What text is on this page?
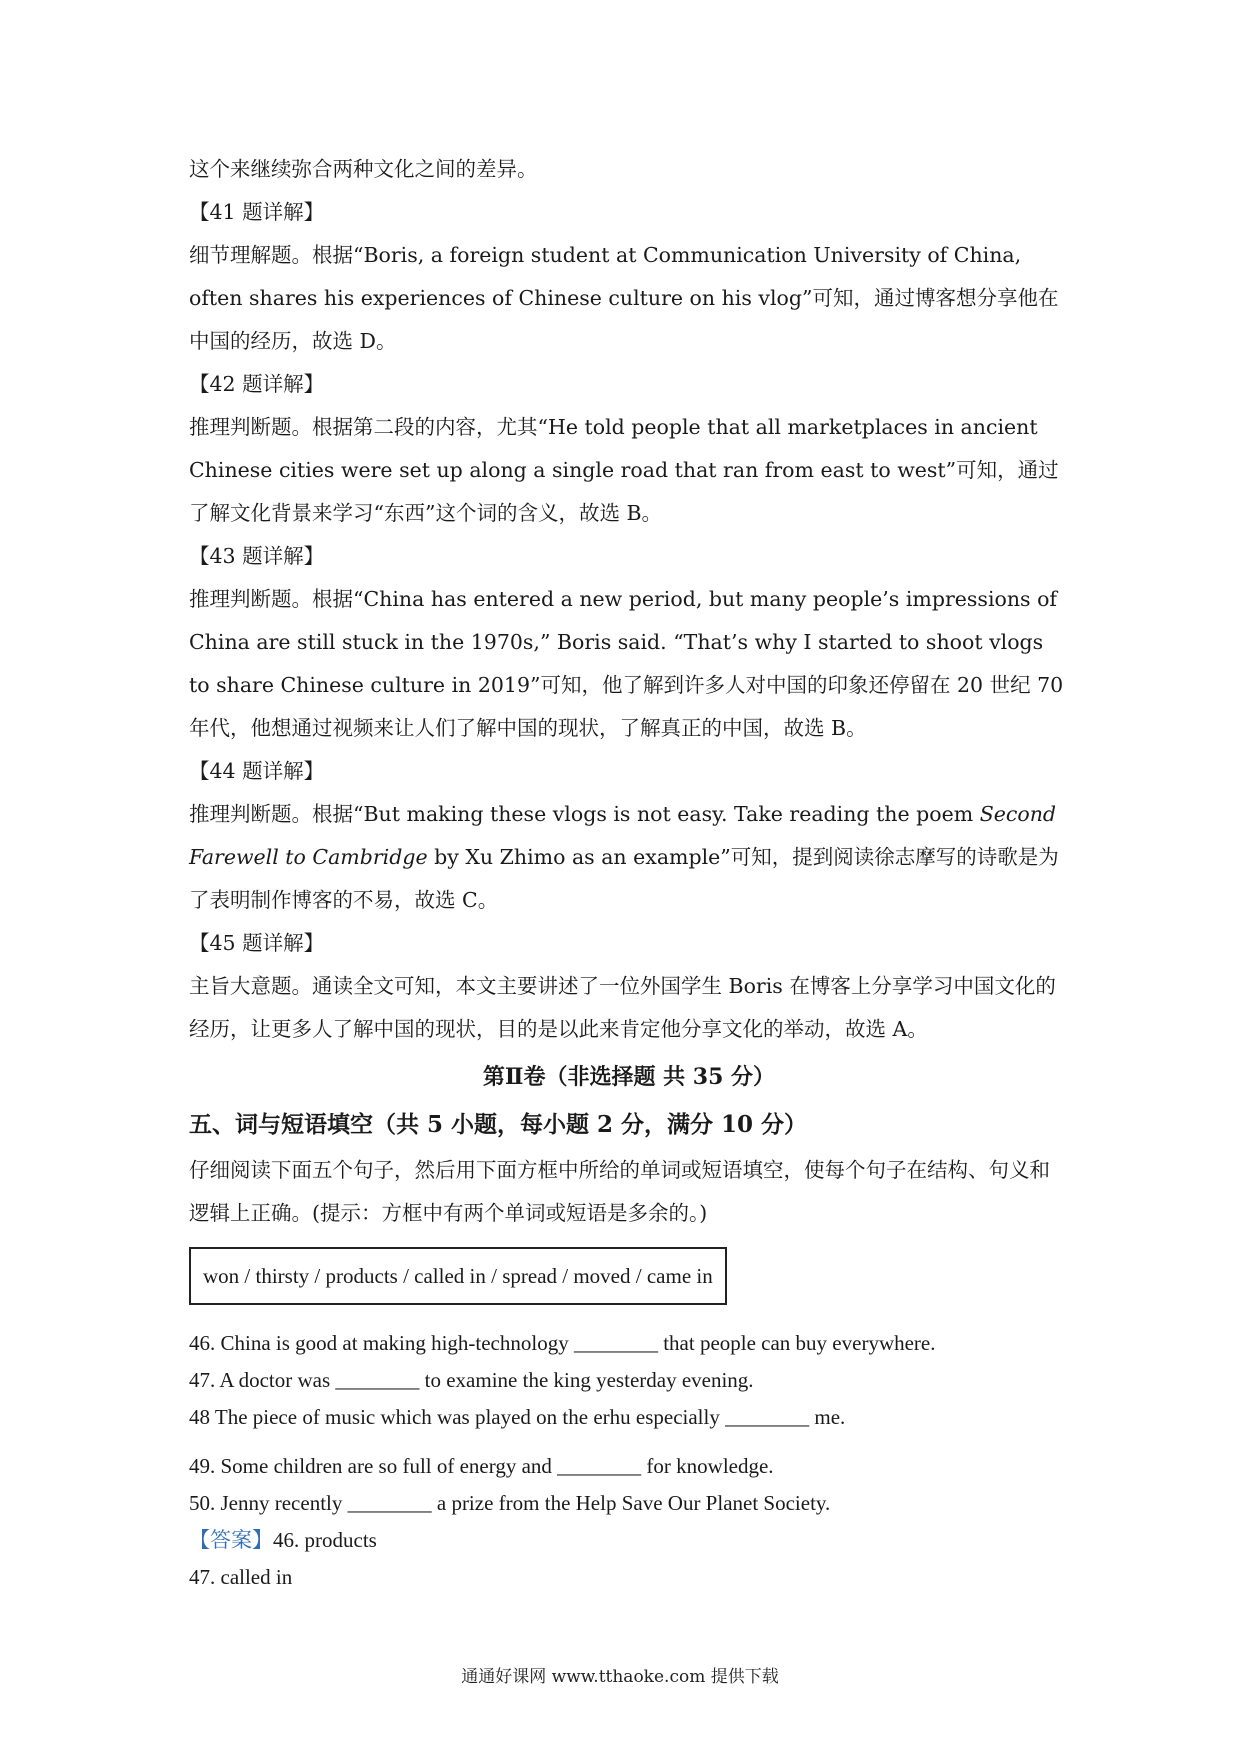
这个来继续弥合两种文化之间的差异。

【41 题详解】

细节理解题。根据“Boris, a foreign student at Communication University of China, often shares his experiences of Chinese culture on his vlog”可知，通过博客想分享他在中国的经历，故选 D。

【42 题详解】

推理判断题。根据第二段的内容，尤其“He told people that all marketplaces in ancient Chinese cities were set up along a single road that ran from east to west”可知，通过了解文化背景来学习“东西”这个词的含义，故选 B。

【43 题详解】

推理判断题。根据“China has entered a new period, but many people’s impressions of China are still stuck in the 1970s,” Boris said. “That’s why I started to shoot vlogs to share Chinese culture in 2019”可知，他了解到许多人对中国的印象还停留在 20 世纪 70 年代，他想通过视频来让人们了解中国的现状，了解真正的中国，故选 B。

【44 题详解】

推理判断题。根据“But making these vlogs is not easy. Take reading the poem Second Farewell to Cambridge by Xu Zhimo as an example”可知，提到阅读徐志摩写的诗歌是为了表明制作博客的不易，故选 C。

【45 题详解】

主旨大意题。通读全文可知，本文主要讲述了一位外国学生 Boris 在博客上分享学习中国文化的经历，让更多人了解中国的现状，目的是以此来肯定他分享文化的举动，故选 A。

第Ⅱ卷（非选择题 共 35 分）

五、词与短语填空（共 5 小题，每小题 2 分，满分 10 分）

仔细阅读下面五个句子，然后用下面方框中所给的单词或短语填空，使每个句子在结构、句义和逻辑上正确。(提示：方框中有两个单词或短语是多余的。)

won / thirsty / products / called in / spread / moved / came in

46. China is good at making high-technology ________ that people can buy everywhere.

47. A doctor was ________ to examine the king yesterday evening.

48 The piece of music which was played on the erhu especially ________ me.

49. Some children are so full of energy and ________ for knowledge.

50. Jenny recently ________ a prize from the Help Save Our Planet Society.

【答案】46. products

47. called in

通通好课网 www.tthaoke.com 提供下载
